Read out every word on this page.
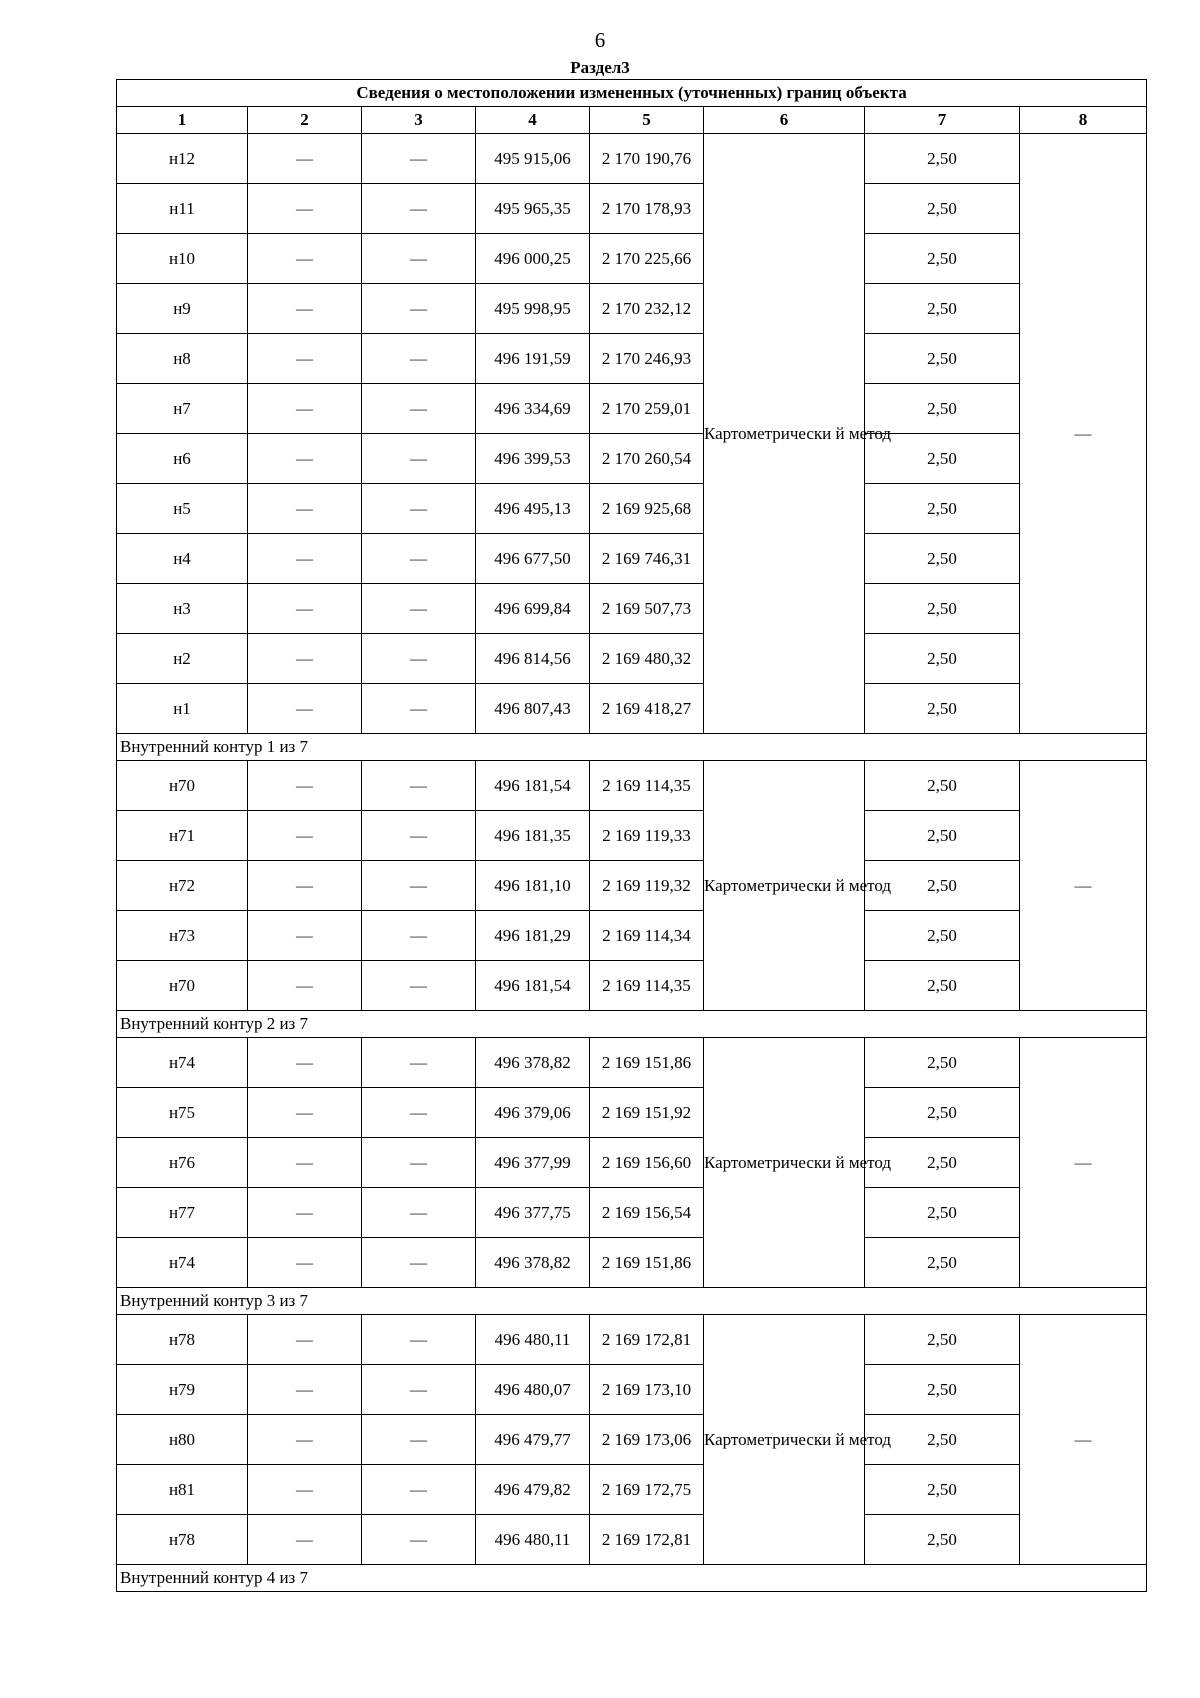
6
Раздел3
Сведения о местоположении измененных (уточненных) границ объекта							
1	2	3	4	5	6	7	8
н12	—	—	495 915,06	2 170 190,76	Картометрически й метод	2,50	—
н11	—	—	495 965,35	2 170 178,93		2,50	
н10	—	—	496 000,25	2 170 225,66		2,50	
н9	—	—	495 998,95	2 170 232,12		2,50	
н8	—	—	496 191,59	2 170 246,93		2,50	
н7	—	—	496 334,69	2 170 259,01		2,50	
н6	—	—	496 399,53	2 170 260,54		2,50	
н5	—	—	496 495,13	2 169 925,68		2,50	
н4	—	—	496 677,50	2 169 746,31		2,50	
н3	—	—	496 699,84	2 169 507,73		2,50	
н2	—	—	496 814,56	2 169 480,32		2,50	
н1	—	—	496 807,43	2 169 418,27		2,50	
Внутренний контур 1 из 7							
н70	—	—	496 181,54	2 169 114,35	Картометрически й метод	2,50	—
н71	—	—	496 181,35	2 169 119,33		2,50	
н72	—	—	496 181,10	2 169 119,32		2,50	
н73	—	—	496 181,29	2 169 114,34		2,50	
н70	—	—	496 181,54	2 169 114,35		2,50	
Внутренний контур 2 из 7							
н74	—	—	496 378,82	2 169 151,86	Картометрически й метод	2,50	—
н75	—	—	496 379,06	2 169 151,92		2,50	
н76	—	—	496 377,99	2 169 156,60		2,50	
н77	—	—	496 377,75	2 169 156,54		2,50	
н74	—	—	496 378,82	2 169 151,86		2,50	
Внутренний контур 3 из 7							
н78	—	—	496 480,11	2 169 172,81	Картометрически й метод	2,50	—
н79	—	—	496 480,07	2 169 173,10		2,50	
н80	—	—	496 479,77	2 169 173,06		2,50	
н81	—	—	496 479,82	2 169 172,75		2,50	
н78	—	—	496 480,11	2 169 172,81		2,50	
Внутренний контур 4 из 7							
